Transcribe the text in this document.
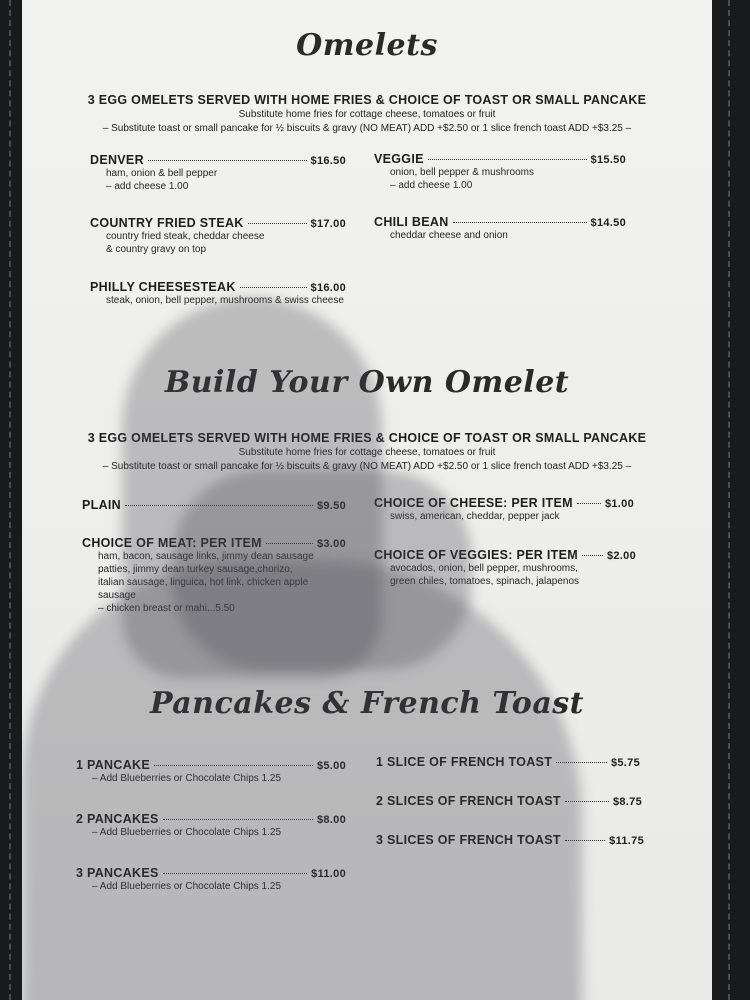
Omelets
3 EGG OMELETS SERVED WITH HOME FRIES & CHOICE OF TOAST OR SMALL PANCAKE
Substitute home fries for cottage cheese, tomatoes or fruit
– Substitute toast or small pancake for ½ biscuits & gravy (NO MEAT) ADD +$2.50 or 1 slice french toast ADD +$3.25 –
DENVER	$16.50
ham, onion & bell pepper
– add cheese 1.00
VEGGIE	$15.50
onion, bell pepper & mushrooms
– add cheese 1.00
COUNTRY FRIED STEAK	$17.00
country fried steak, cheddar cheese
& country gravy on top
CHILI BEAN	$14.50
cheddar cheese and onion
PHILLY CHEESESTEAK	$16.00
steak, onion, bell pepper, mushrooms & swiss cheese
Build Your Own Omelet
3 EGG OMELETS SERVED WITH HOME FRIES & CHOICE OF TOAST OR SMALL PANCAKE
Substitute home fries for cottage cheese, tomatoes or fruit
– Substitute toast or small pancake for ½ biscuits & gravy (NO MEAT) ADD +$2.50 or 1 slice french toast ADD +$3.25 –
PLAIN	$9.50 CHOICE OF CHEESE: PER ITEM	$1.00
swiss, american, cheddar, pepper jack
CHOICE OF MEAT: PER ITEM	$3.00
ham, bacon, sausage links, jimmy dean sausage
patties, jimmy dean turkey sausage,chorizo,
italian sausage, linguica, hot link, chicken apple
sausage
– chicken breast or mahi...5.50
CHOICE OF VEGGIES: PER ITEM	$2.00
avocados, onion, bell pepper, mushrooms,
green chiles, tomatoes, spinach, jalapenos
Pancakes & French Toast
1 PANCAKE	$5.00
– Add Blueberries or Chocolate Chips 1.25
1 SLICE OF FRENCH TOAST	$5.75
2 PANCAKES	$8.00
– Add Blueberries or Chocolate Chips 1.25
2 SLICES OF FRENCH TOAST	$8.75
3 SLICES OF FRENCH TOAST	$11.75
3 PANCAKES	$11.00
– Add Blueberries or Chocolate Chips 1.25
